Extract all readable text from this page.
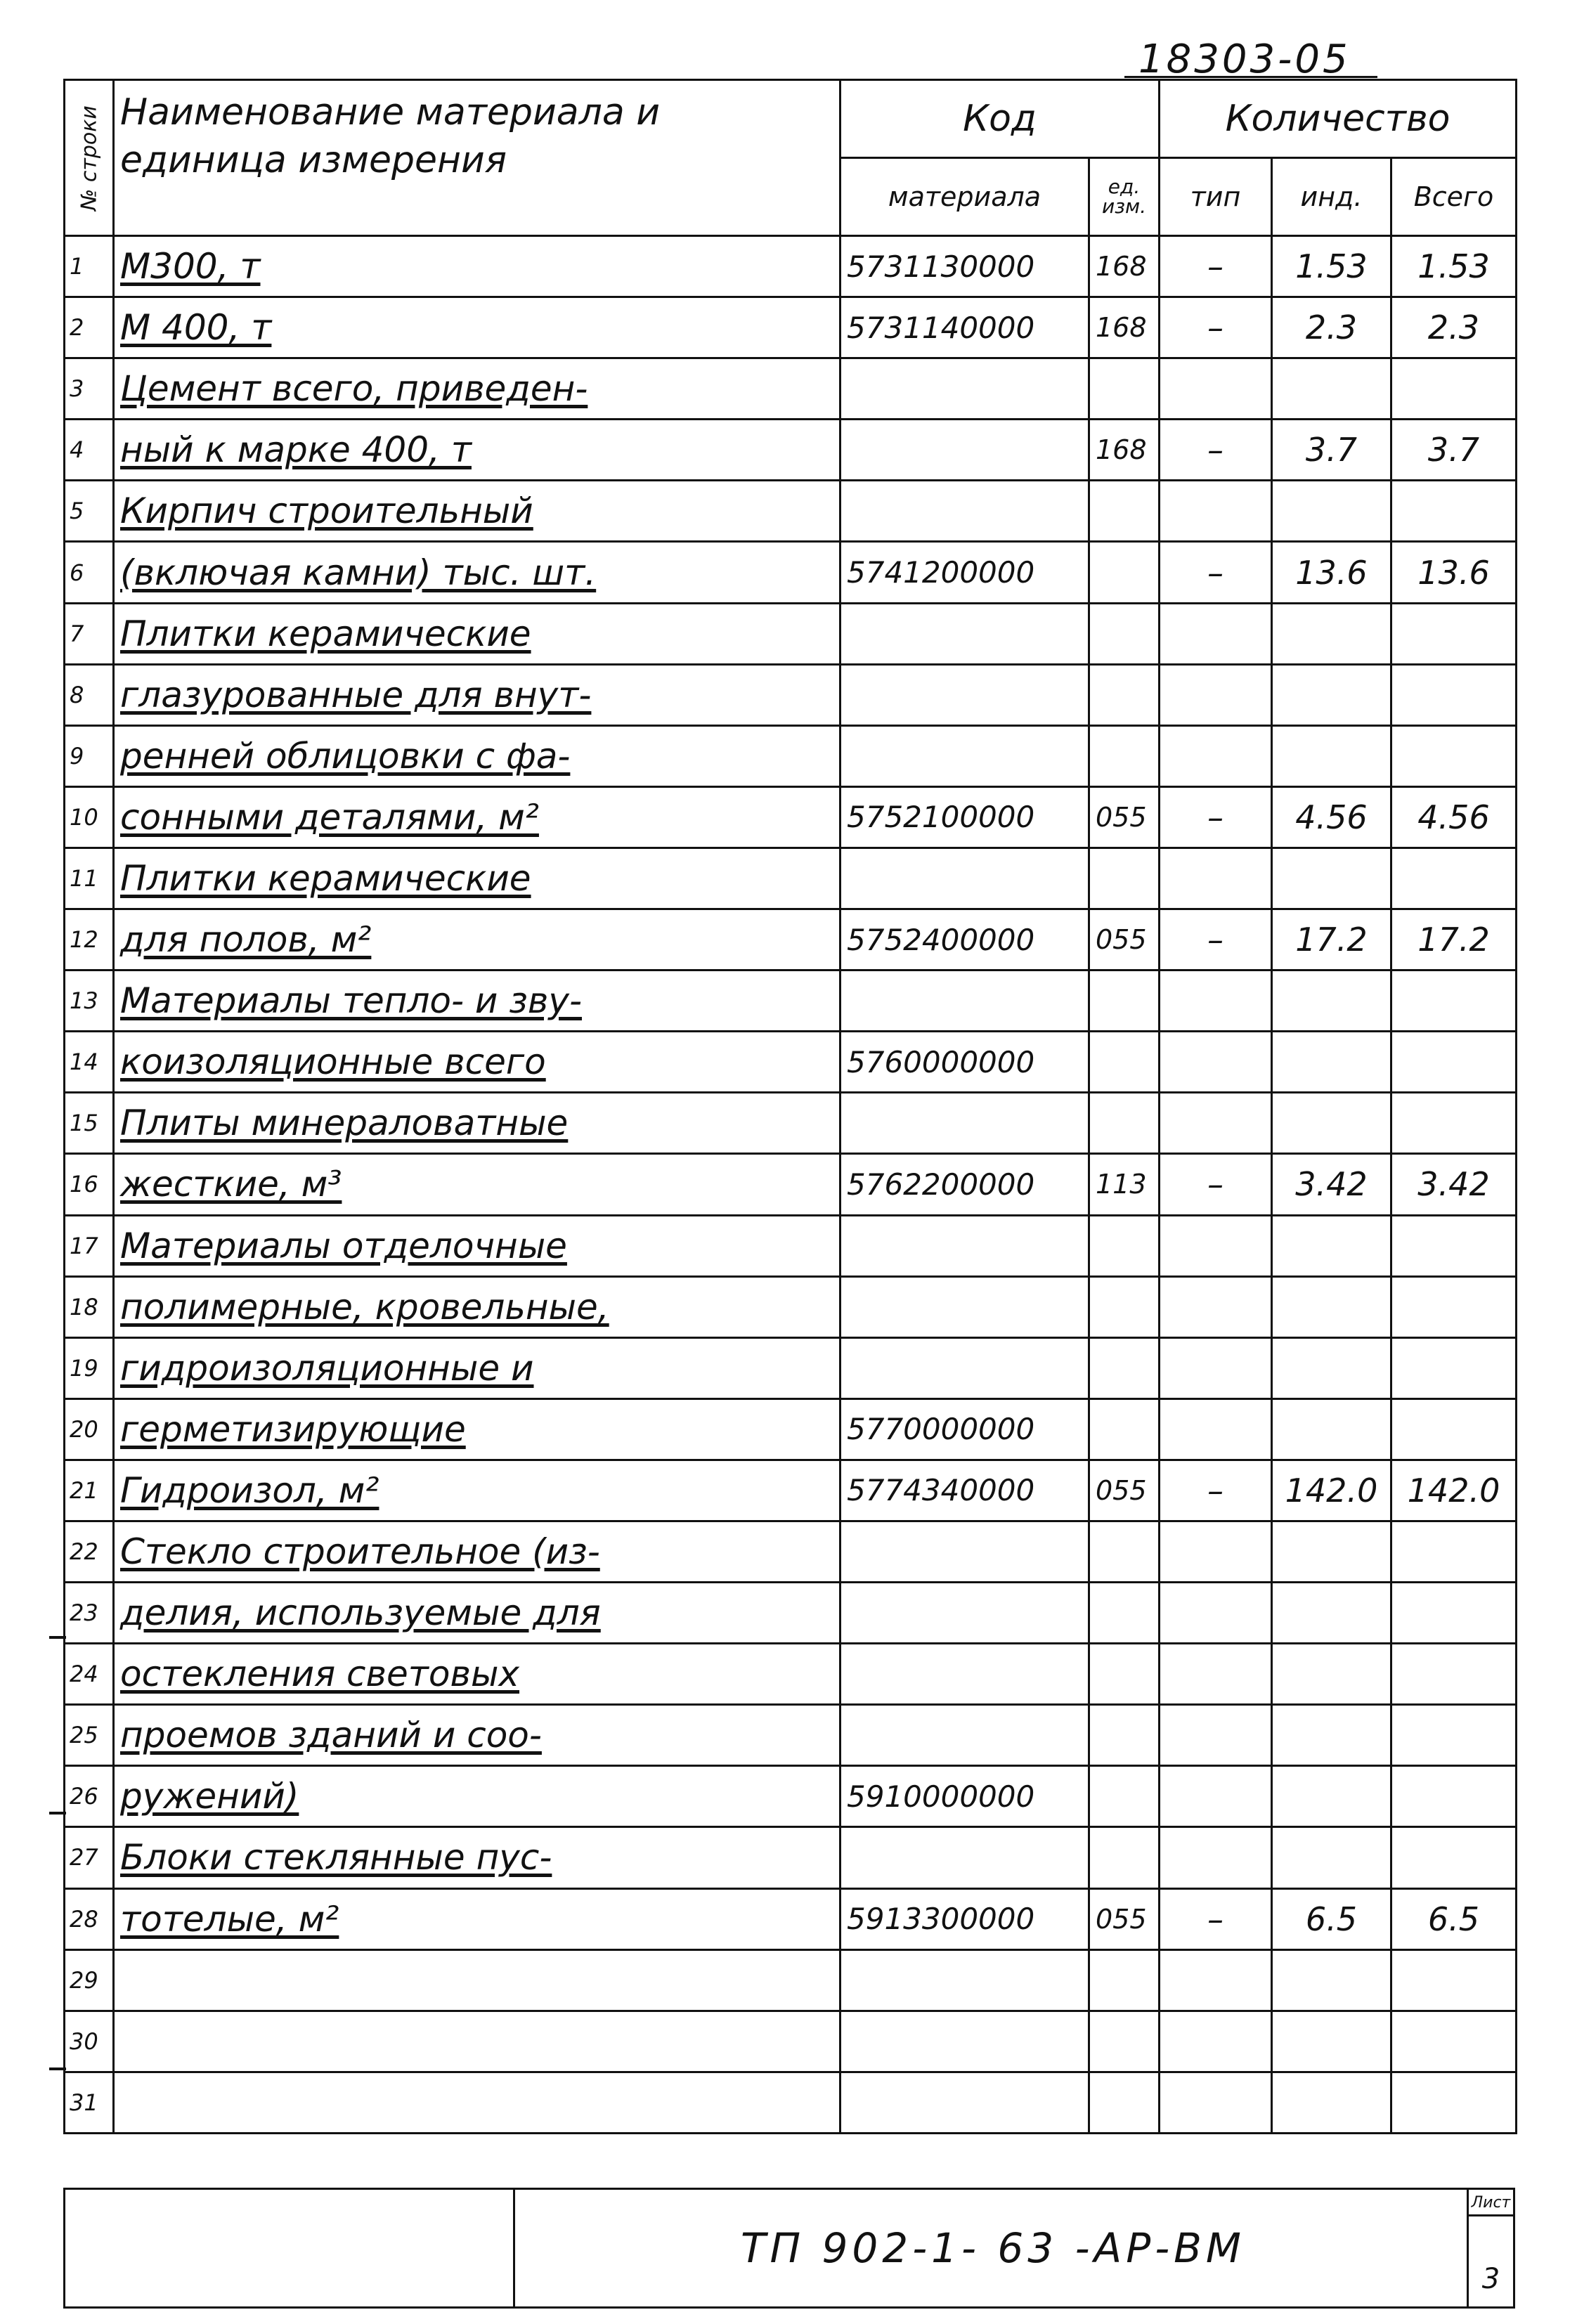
18303-05
№ строки	Наименование материала и единица измерения	Код		Количество		
		материала	ед. изм.	тип	инд.	Всего
1	М300, т	5731130000	168	–	1.53	1.53
2	М 400, т	5731140000	168	–	2.3	2.3
3	Цемент всего, приведен-					
4	ный к марке 400, т		168	–	3.7	3.7
5	Кирпич строительный					
6	(включая камни) тыс. шт.	5741200000		–	13.6	13.6
7	Плитки керамические					
8	глазурованные для внут-					
9	ренней облицовки с фа-					
10	сонными деталями, м²	5752100000	055	–	4.56	4.56
11	Плитки керамические					
12	для полов, м²	5752400000	055	–	17.2	17.2
13	Материалы тепло- и зву-					
14	коизоляционные всего	5760000000				
15	Плиты минераловатные					
16	жесткие, м³	5762200000	113	–	3.42	3.42
17	Материалы отделочные					
18	полимерные, кровельные,					
19	гидроизоляционные и					
20	герметизирующие	5770000000				
21	Гидроизол, м²	5774340000	055	–	142.0	142.0
22	Стекло строительное (из-					
23	делия, используемые для					
24	остекления световых					
25	проемов зданий и соо-					
26	ружений)	5910000000				
27	Блоки стеклянные пус-					
28	тотелые, м²	5913300000	055	–	6.5	6.5
29						
30						
31						
ТП 902-1- 63 -АР-ВМ
Лист
3
